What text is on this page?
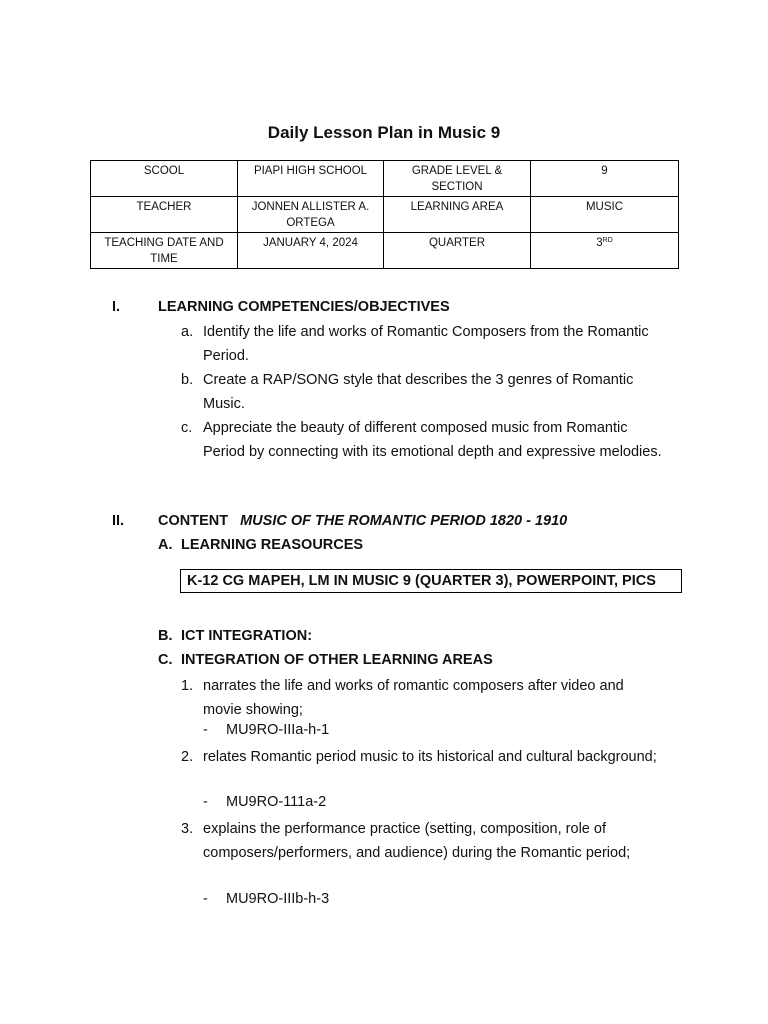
Daily Lesson Plan in Music 9
SCOOL	PIAPI HIGH SCHOOL	GRADE LEVEL & SECTION	9
TEACHER	JONNEN ALLISTER A. ORTEGA	LEARNING AREA	MUSIC
TEACHING DATE AND TIME	JANUARY 4, 2024	QUARTER	3RD
I.	LEARNING COMPETENCIES/OBJECTIVES
a. Identify the life and works of Romantic Composers from the Romantic Period.
b. Create a RAP/SONG style that describes the 3 genres of Romantic Music.
c. Appreciate the beauty of different composed music from Romantic Period by connecting with its emotional depth and expressive melodies.
II. CONTENT MUSIC OF THE ROMANTIC PERIOD 1820 - 1910
A. LEARNING REASOURCES
K-12 CG MAPEH, LM IN MUSIC 9 (QUARTER 3), POWERPOINT, PICS
B. ICT INTEGRATION:
C. INTEGRATION OF OTHER LEARNING AREAS
1. narrates the life and works of romantic composers after video and movie showing;
- MU9RO-IIIa-h-1
2. relates Romantic period music to its historical and cultural background;
- MU9RO-111a-2
3. explains the performance practice (setting, composition, role of composers/performers, and audience) during the Romantic period;
- MU9RO-IIIb-h-3
